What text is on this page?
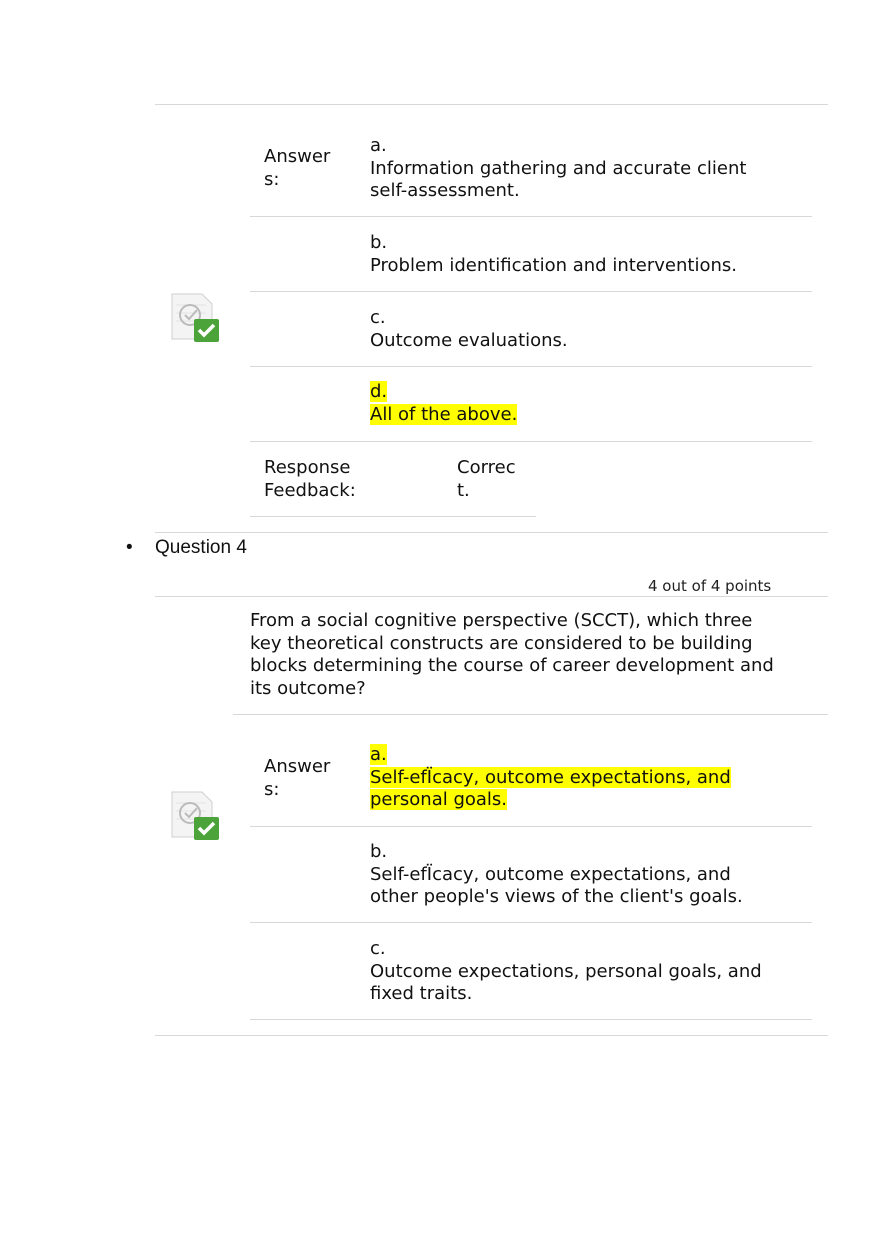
Answer
s:
a.
Information gathering and accurate client
self-assessment.
b.
Problem identification and interventions.
c.
Outcome evaluations.
d.
All of the above.
Response
Feedback:
Correc
t.
• Question 4
4 out of 4 points
From a social cognitive perspective (SCCT), which three
key theoretical constructs are considered to be building
blocks determining the course of career development and
its outcome?
Answer
s:
a.
Self-efÏcacy, outcome expectations, and
personal goals.
b.
Self-efÏcacy, outcome expectations, and
other people's views of the client's goals.
c.
Outcome expectations, personal goals, and
fixed traits.
